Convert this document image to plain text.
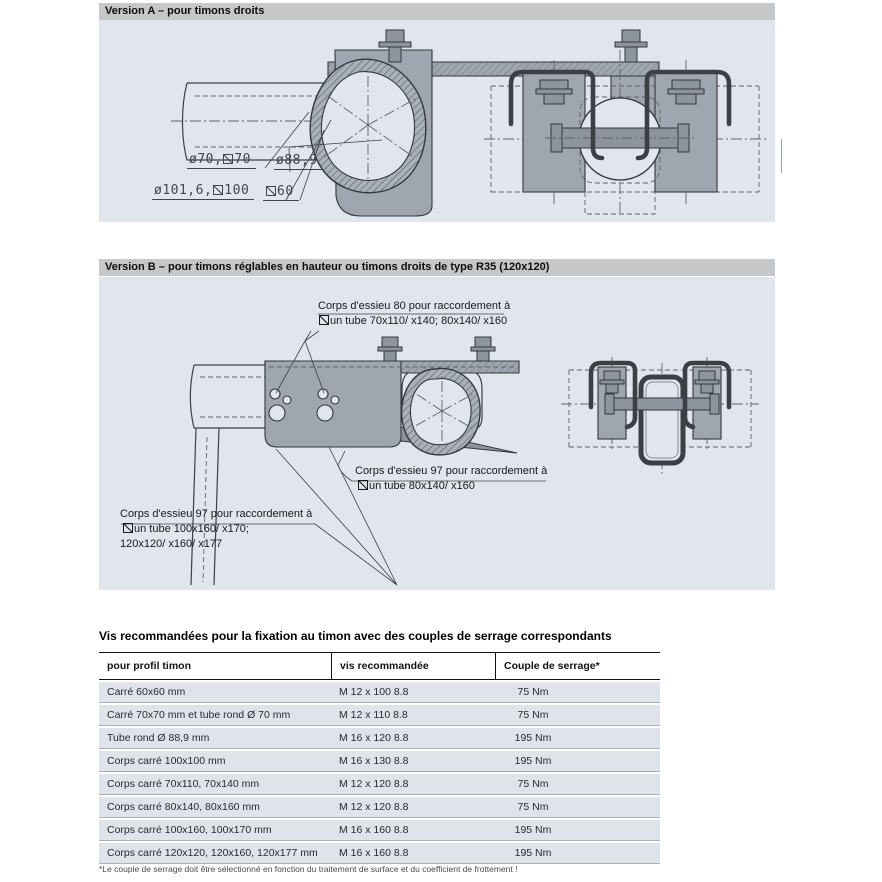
Version A – pour timons droits
ø70, 70	ø88,9
ø101,6, 100	60
Version B – pour timons réglables en hauteur ou timons droits de type R35 (120x120)
Corps d'essieu 80 pour raccordement à
un tube 70x110/ x140; 80x140/ x160
Corps d'essieu 97 pour raccordement à
un tube 80x140/ x160
Corps d'essieu 97 pour raccordement à
un tube 100x160/ x170;
120x120/ x160/ x177
Vis recommandées pour la fixation au timon avec des couples de serrage correspondants
pour profil timon	vis recommandée	Couple de serrage*
Carré 60x60 mm	M 12 x 100 8.8	75 Nm
Carré 70x70 mm et tube rond Ø 70 mm	M 12 x 110 8.8	75 Nm
Tube rond Ø 88,9 mm	M 16 x 120 8.8	195 Nm
Corps carré 100x100 mm	M 16 x 130 8.8	195 Nm
Corps carré 70x110, 70x140 mm	M 12 x 120 8.8	75 Nm
Corps carré 80x140, 80x160 mm	M 12 x 120 8.8	75 Nm
Corps carré 100x160, 100x170 mm	M 16 x 160 8.8	195 Nm
Corps carré 120x120, 120x160, 120x177 mm	M 16 x 160 8.8	195 Nm
*Le couple de serrage doit être sélectionné en fonction du traitement de surface et du coefficient de frottement !
